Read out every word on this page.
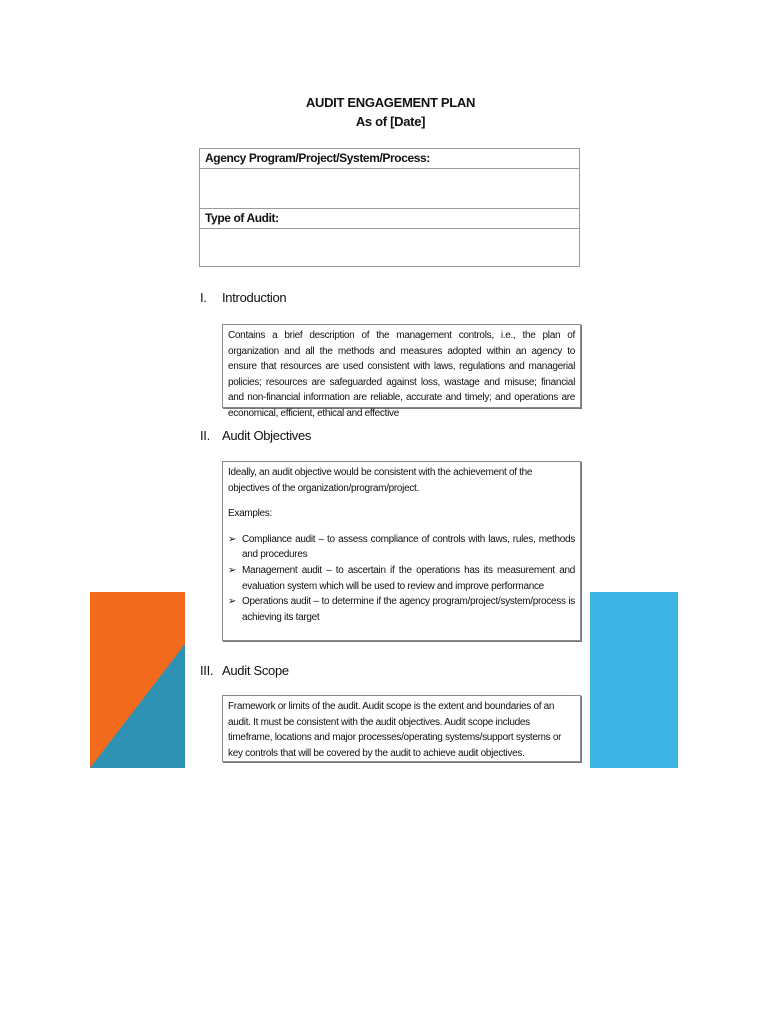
AUDIT ENGAGEMENT PLAN
As of [Date]
Agency Program/Project/System/Process:
Type of Audit:
I. Introduction

Contains a brief description of the management controls, i.e., the plan of organization and all the methods and measures adopted within an agency to ensure that resources are used consistent with laws, regulations and managerial policies; resources are safeguarded against loss, wastage and misuse; financial and non-financial information are reliable, accurate and timely; and operations are economical, efficient, ethical and effective

II. Audit Objectives

Ideally, an audit objective would be consistent with the achievement of the objectives of the organization/program/project.

Examples:

➢ Compliance audit – to assess compliance of controls with laws, rules, methods and procedures
➢ Management audit – to ascertain if the operations has its measurement and evaluation system which will be used to review and improve performance
➢ Operations audit – to determine if the agency program/project/system/process is achieving its target
III. Audit Scope

Framework or limits of the audit. Audit scope is the extent and boundaries of an audit. It must be consistent with the audit objectives. Audit scope includes timeframe, locations and major processes/operating systems/support systems or key controls that will be covered by the audit to achieve audit objectives.
